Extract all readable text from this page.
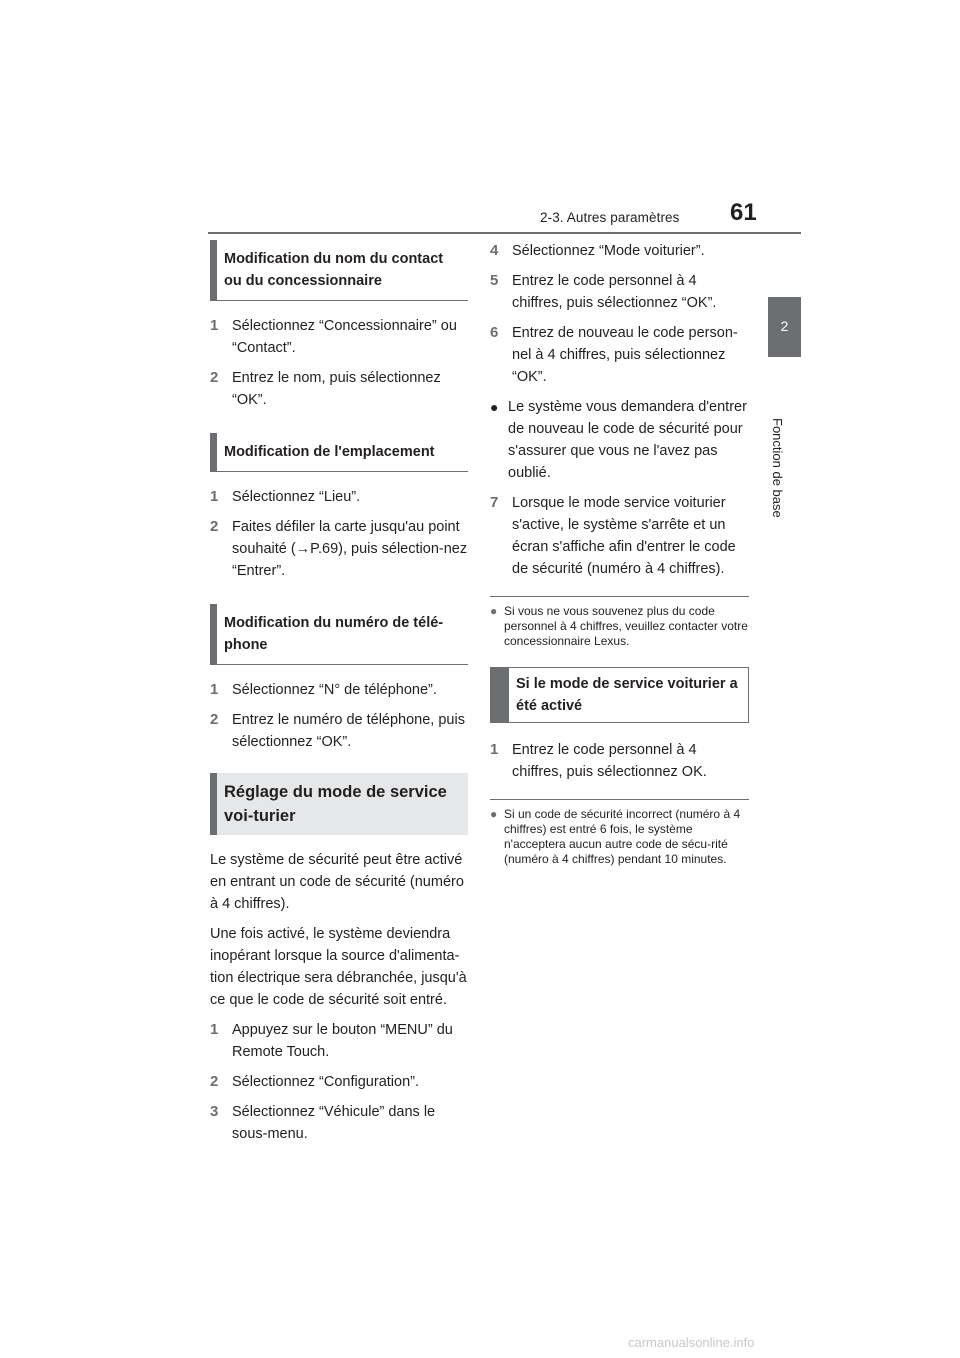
2-3. Autres paramètres	61
2
Fonction de base
Modification du nom du contact ou du concessionnaire
1 Sélectionnez “Concessionnaire” ou “Contact”.
2 Entrez le nom, puis sélectionnez “OK”.
Modification de l'emplacement
1 Sélectionnez “Lieu”.
2 Faites défiler la carte jusqu'au point souhaité (→P.69), puis sélection-nez “Entrer”.
Modification du numéro de télé-phone
1 Sélectionnez “N° de téléphone”.
2 Entrez le numéro de téléphone, puis sélectionnez “OK”.
Réglage du mode de service voi-turier

Le système de sécurité peut être activé en entrant un code de sécurité (numéro à 4 chiffres).

Une fois activé, le système deviendra inopérant lorsque la source d'alimenta-tion électrique sera débranchée, jusqu'à ce que le code de sécurité soit entré.

1 Appuyez sur le bouton “MENU” du Remote Touch.
2 Sélectionnez “Configuration”.
3 Sélectionnez “Véhicule” dans le sous-menu.
4 Sélectionnez “Mode voiturier”.
5 Entrez le code personnel à 4 chiffres, puis sélectionnez “OK”.
6 Entrez de nouveau le code person-nel à 4 chiffres, puis sélectionnez “OK”.
● Le système vous demandera d'entrer de nouveau le code de sécurité pour s'assurer que vous ne l'avez pas oublié.
7 Lorsque le mode service voiturier s'active, le système s'arrête et un écran s'affiche afin d'entrer le code de sécurité (numéro à 4 chiffres).
● Si vous ne vous souvenez plus du code personnel à 4 chiffres, veuillez contacter votre concessionnaire Lexus.
Si le mode de service voiturier a été activé
1 Entrez le code personnel à 4 chiffres, puis sélectionnez OK.
● Si un code de sécurité incorrect (numéro à 4 chiffres) est entré 6 fois, le système n'acceptera aucun autre code de sécu-rité (numéro à 4 chiffres) pendant 10 minutes.
carmanualsonline.info
